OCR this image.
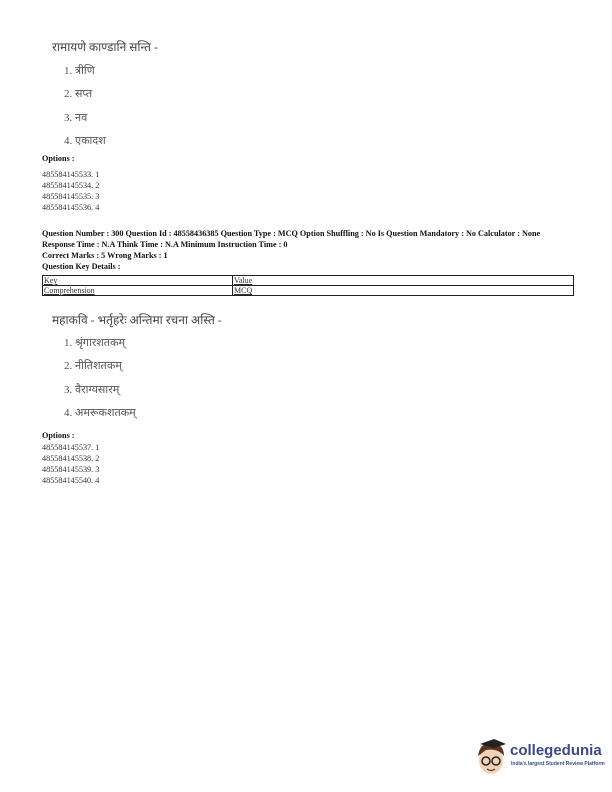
रामायणे काण्डानि सन्ति -
1. त्रीणि
2. सप्त
3. नव
4. एकादश
Options :
485584145533. 1
485584145534. 2
485584145535. 3
485584145536. 4
Question Number : 300 Question Id : 48558436385 Question Type : MCQ Option Shuffling : No Is Question Mandatory : No Calculator : None
Response Time : N.A Think Time : N.A Minimum Instruction Time : 0
Correct Marks : 5 Wrong Marks : 1
Question Key Details :
Key	Value
Comprehension	MCQ
महाकवि - भर्तृहरेः अन्तिमा रचना अस्ति -
1. श्रृंगारशतकम्
2. नीतिशतकम्
3. वैराग्यसारम्
4. अमरूकशतकम्
Options :
485584145537. 1
485584145538. 2
485584145539. 3
485584145540. 4
collegedunia
India's largest Student Review Platform
